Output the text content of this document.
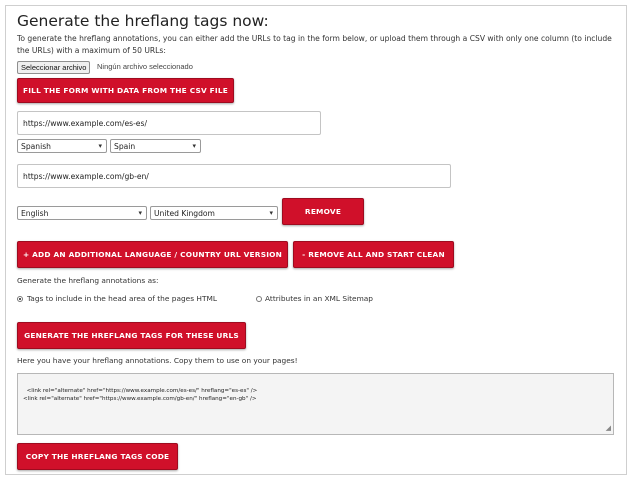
Generate the hreflang tags now:
To generate the hreflang annotations, you can either add the URLs to tag in the form below, or upload them through a CSV with only one column (to include the URLs) with a maximum of 50 URLs:
Seleccionar archivo	Ningún archivo seleccionado
FILL THE FORM WITH DATA FROM THE CSV FILE
https://www.example.com/es-es/
Spanish	▾ Spain	▾
https://www.example.com/gb-en/
English	▾ United Kingdom	▾	REMOVE
+ ADD AN ADDITIONAL LANGUAGE / COUNTRY URL VERSION	- REMOVE ALL AND START CLEAN
Generate the hreflang annotations as:
Tags to include in the head area of the pages HTML	Attributes in an XML Sitemap
GENERATE THE HREFLANG TAGS FOR THESE URLS
Here you have your hreflang annotations. Copy them to use on your pages!

<link rel="alternate" href="https://www.example.com/es-es/" hreflang="es-es" />
<link rel="alternate" href="https://www.example.com/gb-en/" hreflang="en-gb" />

◢

COPY THE HREFLANG TAGS CODE
